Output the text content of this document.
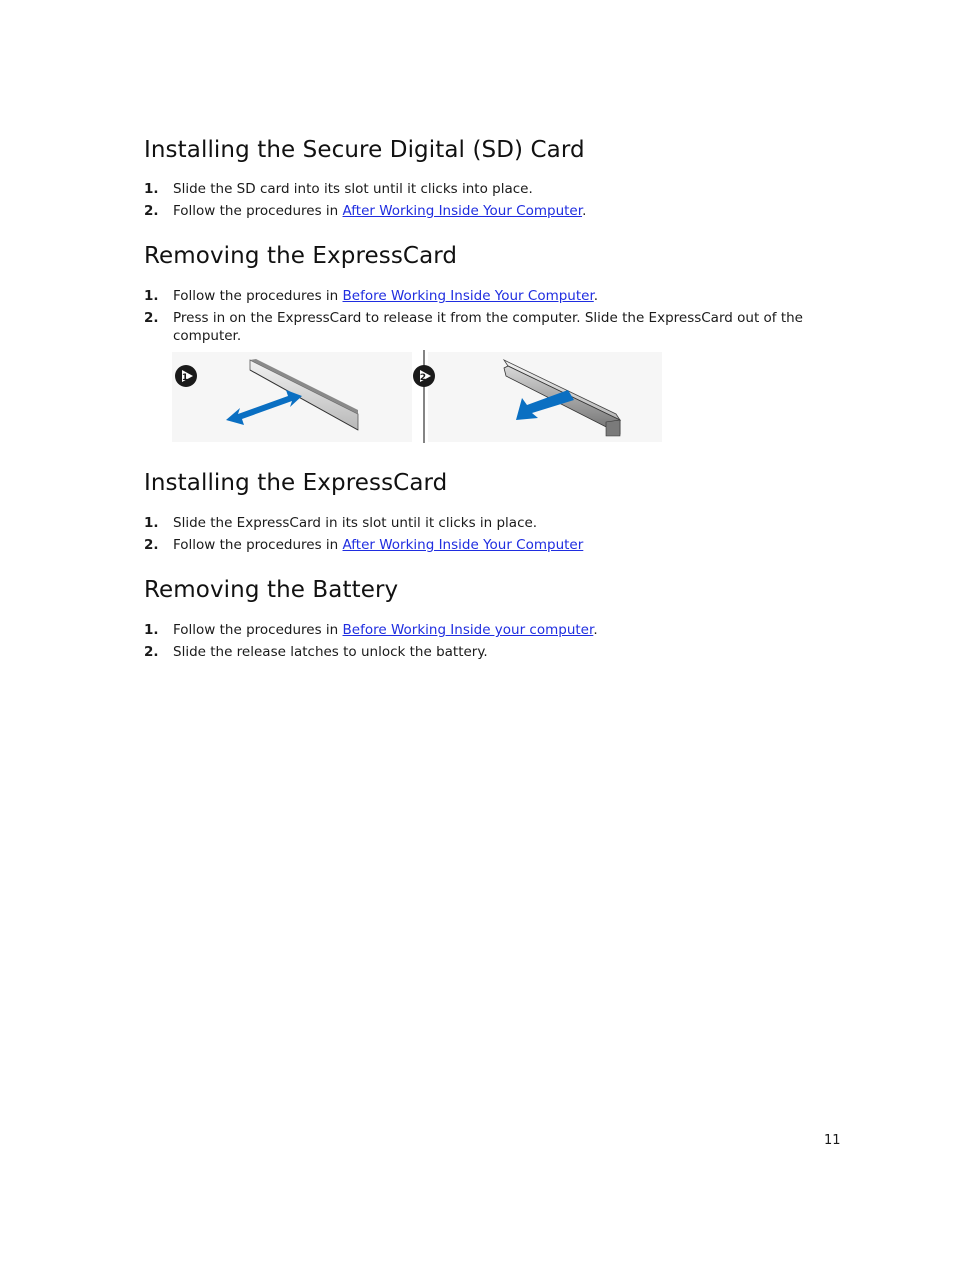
Installing the Secure Digital (SD) Card
1. Slide the SD card into its slot until it clicks into place.
2. Follow the procedures in After Working Inside Your Computer.
Removing the ExpressCard
1. Follow the procedures in Before Working Inside Your Computer.
2. Press in on the ExpressCard to release it from the computer. Slide the ExpressCard out of the computer.
1	2
Installing the ExpressCard
1. Slide the ExpressCard in its slot until it clicks in place.
2. Follow the procedures in After Working Inside Your Computer
Removing the Battery
1. Follow the procedures in Before Working Inside your computer.
2. Slide the release latches to unlock the battery.
11
